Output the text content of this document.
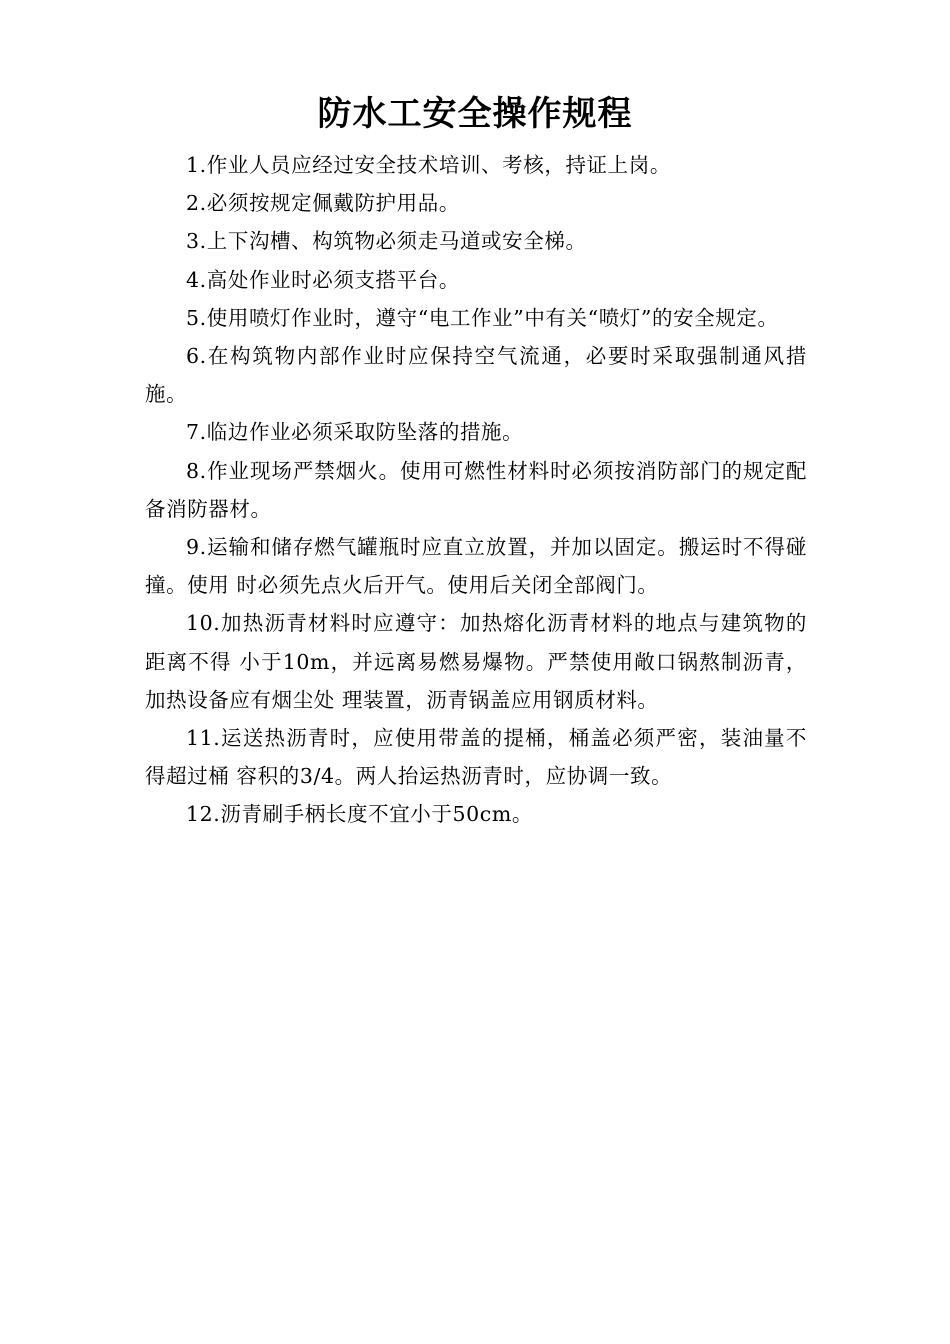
防水工安全操作规程

1.作业人员应经过安全技术培训、考核，持证上岗。

2.必须按规定佩戴防护用品。

3.上下沟槽、构筑物必须走马道或安全梯。

4.高处作业时必须支搭平台。

5.使用喷灯作业时，遵守“电工作业”中有关“喷灯”的安全规定。

6.在构筑物内部作业时应保持空气流通，必要时采取强制通风措施。

7.临边作业必须采取防坠落的措施。

8.作业现场严禁烟火。使用可燃性材料时必须按消防部门的规定配备消防器材。

9.运输和储存燃气罐瓶时应直立放置，并加以固定。搬运时不得碰撞。使用 时必须先点火后开气。使用后关闭全部阀门。

10.加热沥青材料时应遵守：加热熔化沥青材料的地点与建筑物的距离不得 小于10m，并远离易燃易爆物。严禁使用敞口锅熬制沥青，加热设备应有烟尘处 理装置，沥青锅盖应用钢质材料。

11.运送热沥青时，应使用带盖的提桶，桶盖必须严密，装油量不得超过桶 容积的3/4。两人抬运热沥青时，应协调一致。

12.沥青刷手柄长度不宜小于50cm。
